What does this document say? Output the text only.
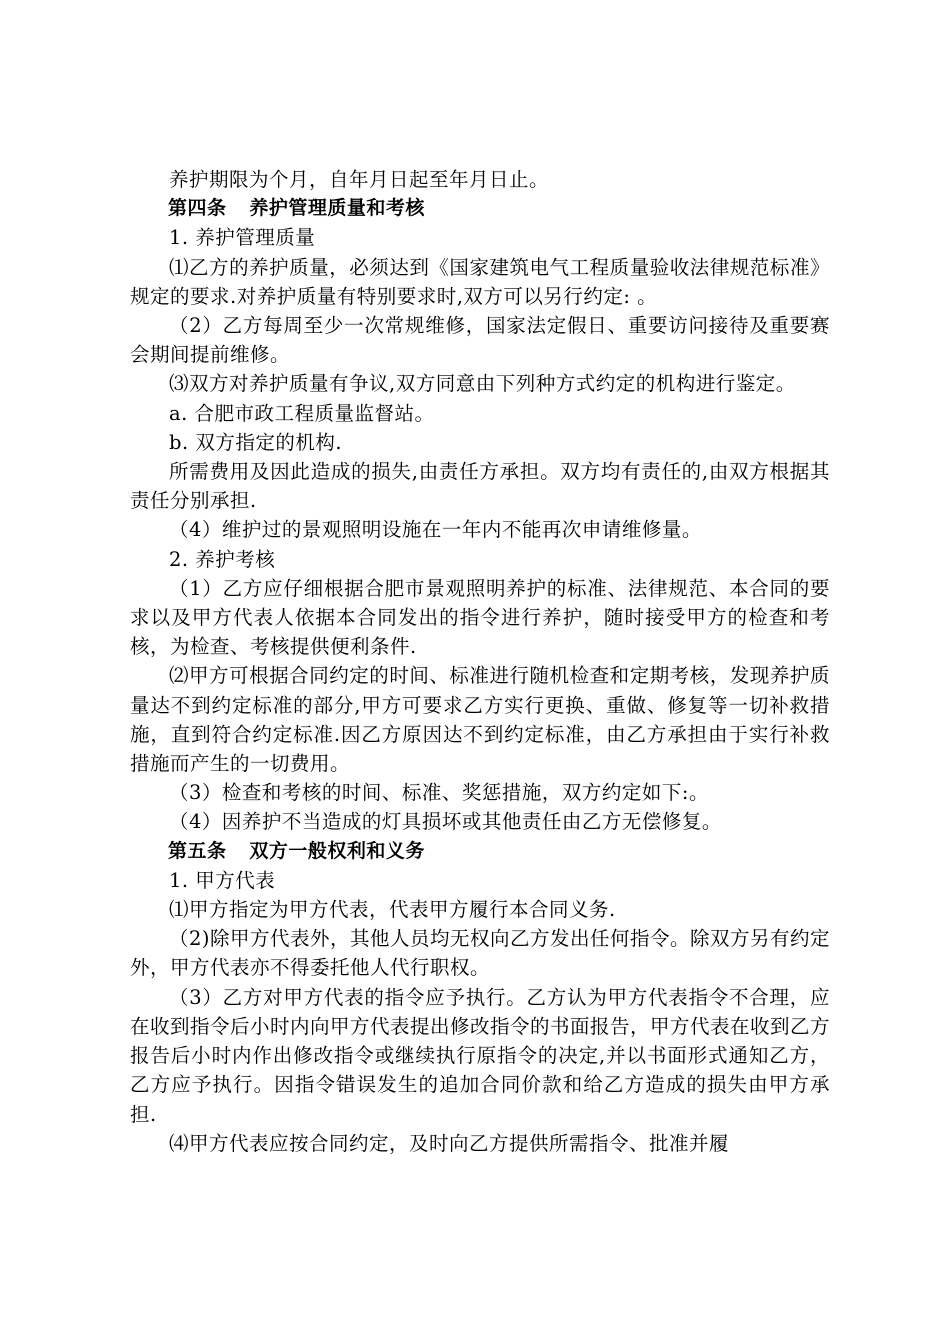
养护期限为个月，自年月日起至年月日止。

第四条 养护管理质量和考核

1. 养护管理质量

⑴乙方的养护质量，必须达到《国家建筑电气工程质量验收法律规范标准》规定的要求.对养护质量有特别要求时,双方可以另行约定: 。

（2）乙方每周至少一次常规维修，国家法定假日、重要访问接待及重要赛会期间提前维修。

⑶双方对养护质量有争议,双方同意由下列种方式约定的机构进行鉴定。

a. 合肥市政工程质量监督站。

b. 双方指定的机构.

所需费用及因此造成的损失,由责任方承担。双方均有责任的,由双方根据其责任分别承担.

（4）维护过的景观照明设施在一年内不能再次申请维修量。

2. 养护考核

（1）乙方应仔细根据合肥市景观照明养护的标准、法律规范、本合同的要求以及甲方代表人依据本合同发出的指令进行养护，随时接受甲方的检查和考核，为检查、考核提供便利条件.

⑵甲方可根据合同约定的时间、标准进行随机检查和定期考核，发现养护质量达不到约定标准的部分,甲方可要求乙方实行更换、重做、修复等一切补救措施，直到符合约定标准.因乙方原因达不到约定标准，由乙方承担由于实行补救措施而产生的一切费用。

（3）检查和考核的时间、标准、奖惩措施，双方约定如下:。

（4）因养护不当造成的灯具损坏或其他责任由乙方无偿修复。

第五条 双方一般权利和义务

1. 甲方代表

⑴甲方指定为甲方代表，代表甲方履行本合同义务.

（2)除甲方代表外，其他人员均无权向乙方发出任何指令。除双方另有约定外，甲方代表亦不得委托他人代行职权。

（3）乙方对甲方代表的指令应予执行。乙方认为甲方代表指令不合理，应在收到指令后小时内向甲方代表提出修改指令的书面报告，甲方代表在收到乙方报告后小时内作出修改指令或继续执行原指令的决定,并以书面形式通知乙方，乙方应予执行。因指令错误发生的追加合同价款和给乙方造成的损失由甲方承担.

⑷甲方代表应按合同约定，及时向乙方提供所需指令、批准并履
